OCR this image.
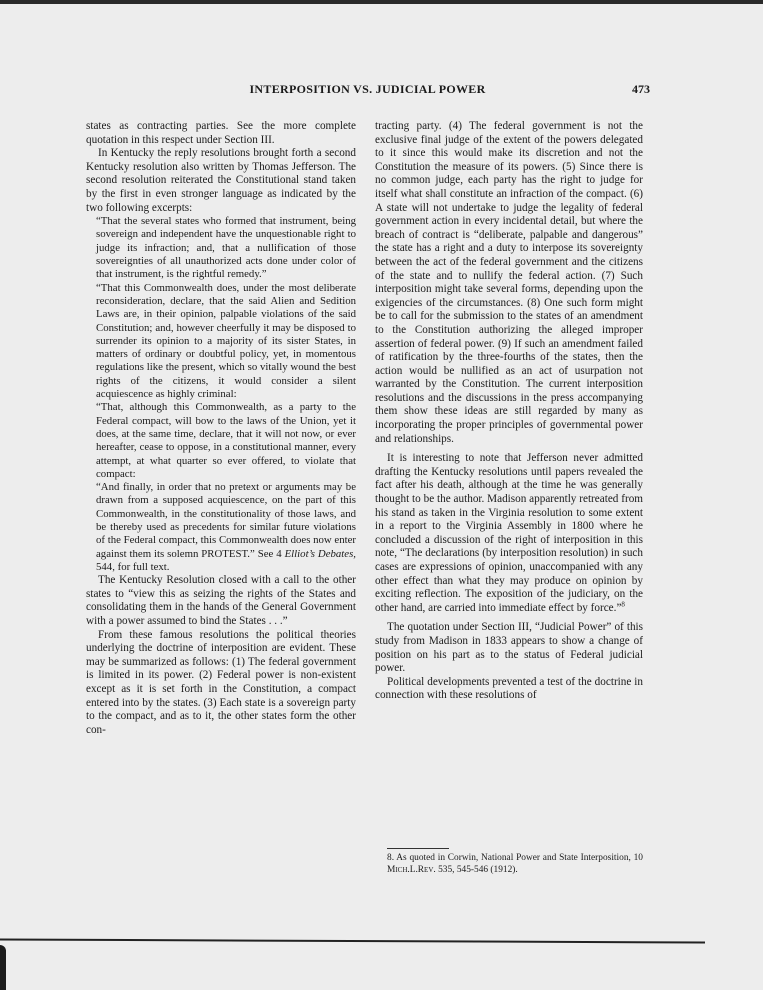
INTERPOSITION VS. JUDICIAL POWER	473

states as contracting parties. See the more complete quotation in this respect under Section III.

In Kentucky the reply resolutions brought forth a second Kentucky resolution also written by Thomas Jefferson. The second resolution reiterated the Constitutional stand taken by the first in even stronger language as indicated by the two following excerpts:

“That the several states who formed that instrument, being sovereign and independent have the unquestionable right to judge its infraction; and, that a nullification of those sovereignties of all unauthorized acts done under color of that instrument, is the rightful remedy.”

“That this Commonwealth does, under the most deliberate reconsideration, declare, that the said Alien and Sedition Laws are, in their opinion, palpable violations of the said Constitution; and, however cheerfully it may be disposed to surrender its opinion to a majority of its sister States, in matters of ordinary or doubtful policy, yet, in momentous regulations like the present, which so vitally wound the best rights of the citizens, it would consider a silent acquiescence as highly criminal:

“That, although this Commonwealth, as a party to the Federal compact, will bow to the laws of the Union, yet it does, at the same time, declare, that it will not now, or ever hereafter, cease to oppose, in a constitutional manner, every attempt, at what quarter so ever offered, to violate that compact:

“And finally, in order that no pretext or arguments may be drawn from a supposed acquiescence, on the part of this Commonwealth, in the constitutionality of those laws, and be thereby used as precedents for similar future violations of the Federal compact, this Commonwealth does now enter against them its solemn PROTEST.” See 4 Elliot’s Debates, 544, for full text.

The Kentucky Resolution closed with a call to the other states to “view this as seizing the rights of the States and consolidating them in the hands of the General Government with a power assumed to bind the States . . .”

From these famous resolutions the political theories underlying the doctrine of interposition are evident. These may be summarized as follows: (1) The federal government is limited in its power. (2) Federal power is non-existent except as it is set forth in the Constitution, a compact entered into by the states. (3) Each state is a sovereign party to the compact, and as to it, the other states form the other con-

tracting party. (4) The federal government is not the exclusive final judge of the extent of the powers delegated to it since this would make its discretion and not the Constitution the measure of its powers. (5) Since there is no common judge, each party has the right to judge for itself what shall constitute an infraction of the compact. (6) A state will not undertake to judge the legality of federal government action in every incidental detail, but where the breach of contract is “deliberate, palpable and dangerous” the state has a right and a duty to interpose its sovereignty between the act of the federal government and the citizens of the state and to nullify the federal action. (7) Such interposition might take several forms, depending upon the exigencies of the circumstances. (8) One such form might be to call for the submission to the states of an amendment to the Constitution authorizing the alleged improper assertion of federal power. (9) If such an amendment failed of ratification by the three-fourths of the states, then the action would be nullified as an act of usurpation not warranted by the Constitution. The current interposition resolutions and the discussions in the press accompanying them show these ideas are still regarded by many as incorporating the proper principles of governmental power and relationships.

It is interesting to note that Jefferson never admitted drafting the Kentucky resolutions until papers revealed the fact after his death, although at the time he was generally thought to be the author. Madison apparently retreated from his stand as taken in the Virginia resolution to some extent in a report to the Virginia Assembly in 1800 where he concluded a discussion of the right of interposition in this note, “The declarations (by interposition resolution) in such cases are expressions of opinion, unaccompanied with any other effect than what they may produce on opinion by exciting reflection. The exposition of the judiciary, on the other hand, are carried into immediate effect by force.”$^8$

The quotation under Section III, “Judicial Power” of this study from Madison in 1833 appears to show a change of position on his part as to the status of Federal judicial power.

Political developments prevented a test of the doctrine in connection with these resolutions of

8. As quoted in Corwin, National Power and State Interposition, 10 Mich.L.Rev. 535, 545-546 (1912).
